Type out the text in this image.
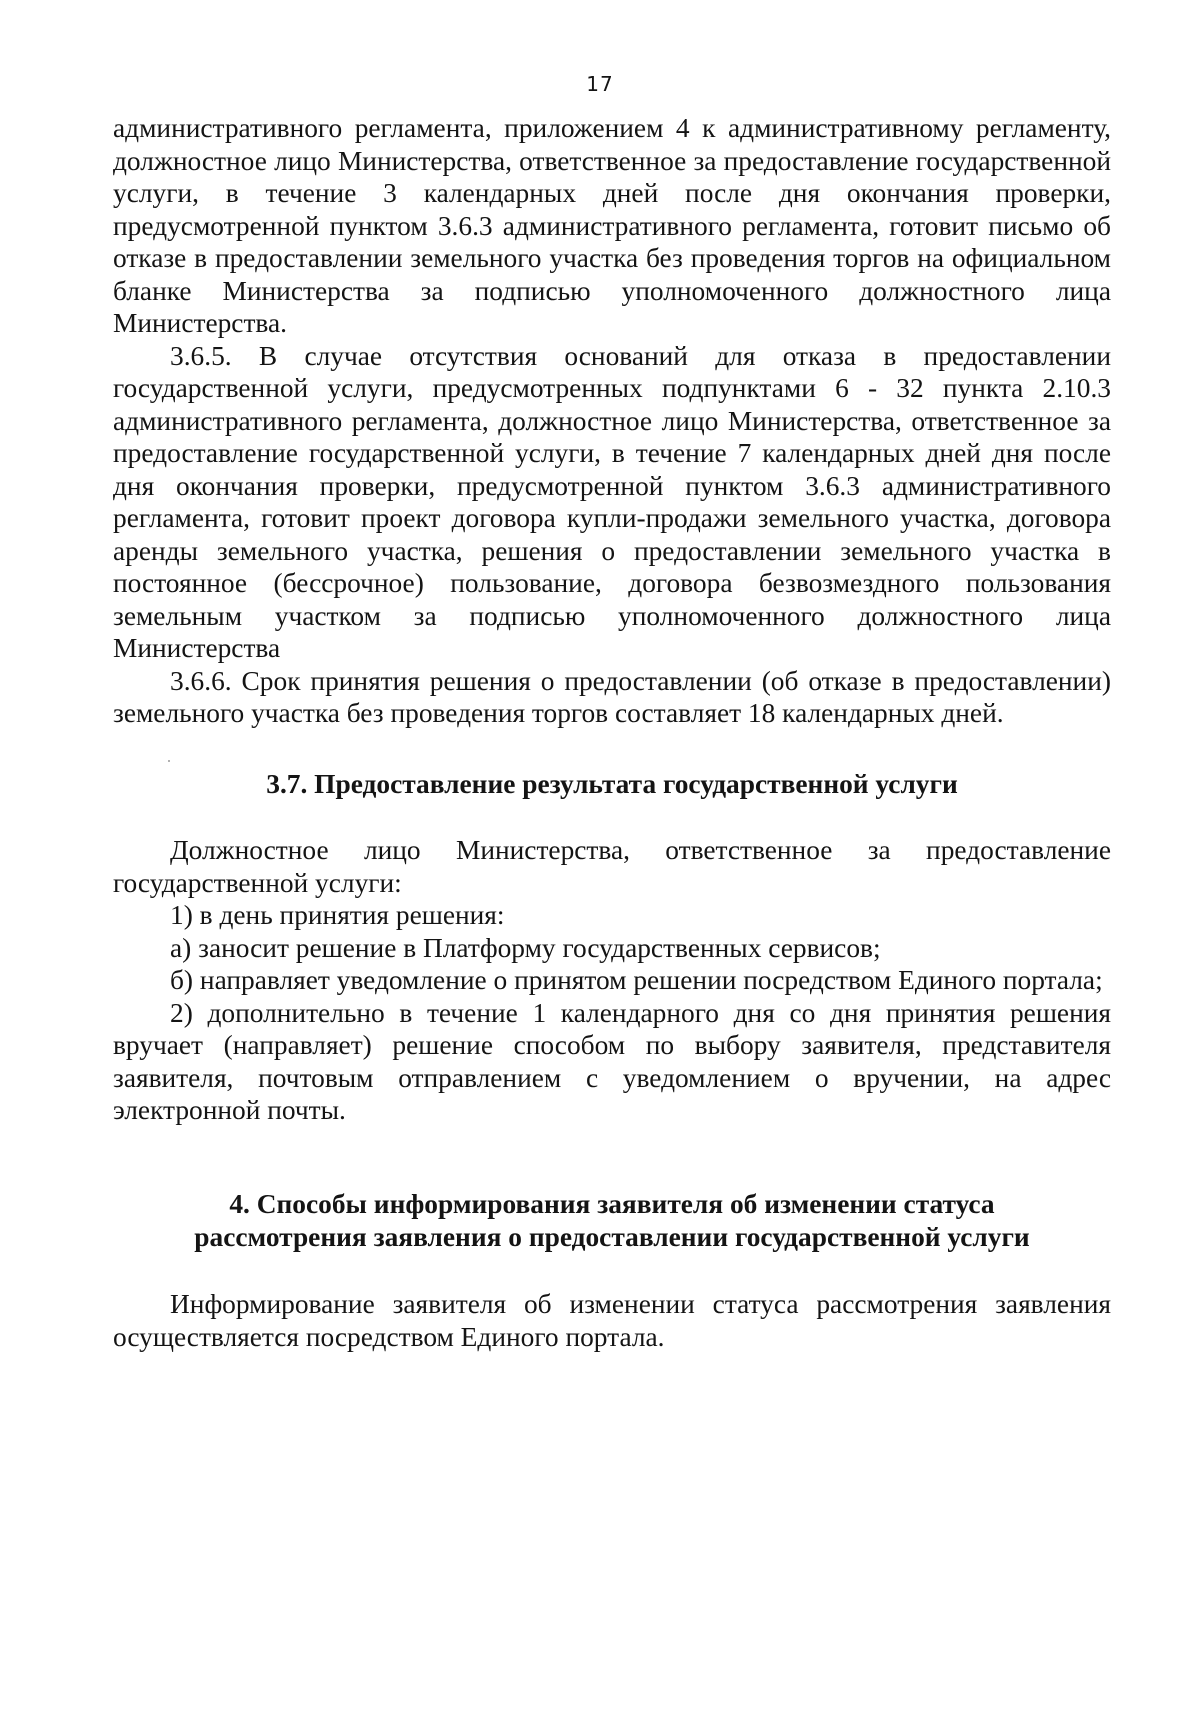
17

административного регламента, приложением 4 к административному регламенту, должностное лицо Министерства, ответственное за предоставление государственной услуги, в течение 3 календарных дней после дня окончания проверки, предусмотренной пунктом 3.6.3 административного регламента, готовит письмо об отказе в предоставлении земельного участка без проведения торгов на официальном бланке Министерства за подписью уполномоченного должностного лица Министерства.

3.6.5. В случае отсутствия оснований для отказа в предоставлении государственной услуги, предусмотренных подпунктами 6 - 32 пункта 2.10.3 административного регламента, должностное лицо Министерства, ответственное за предоставление государственной услуги, в течение 7 календарных дней дня после дня окончания проверки, предусмотренной пунктом 3.6.3 административного регламента, готовит проект договора купли-продажи земельного участка, договора аренды земельного участка, решения о предоставлении земельного участка в постоянное (бессрочное) пользование, договора безвозмездного пользования земельным участком за подписью уполномоченного должностного лица Министерства

3.6.6. Срок принятия решения о предоставлении (об отказе в предоставлении) земельного участка без проведения торгов составляет 18 календарных дней.

3.7. Предоставление результата государственной услуги

Должностное лицо Министерства, ответственное за предоставление государственной услуги:

1) в день принятия решения:

а) заносит решение в Платформу государственных сервисов;

б) направляет уведомление о принятом решении посредством Единого портала;

2) дополнительно в течение 1 календарного дня со дня принятия решения вручает (направляет) решение способом по выбору заявителя, представителя заявителя, почтовым отправлением с уведомлением о вручении, на адрес электронной почты.

4. Способы информирования заявителя об изменении статуса
рассмотрения заявления о предоставлении государственной услуги

Информирование заявителя об изменении статуса рассмотрения заявления осуществляется посредством Единого портала.
